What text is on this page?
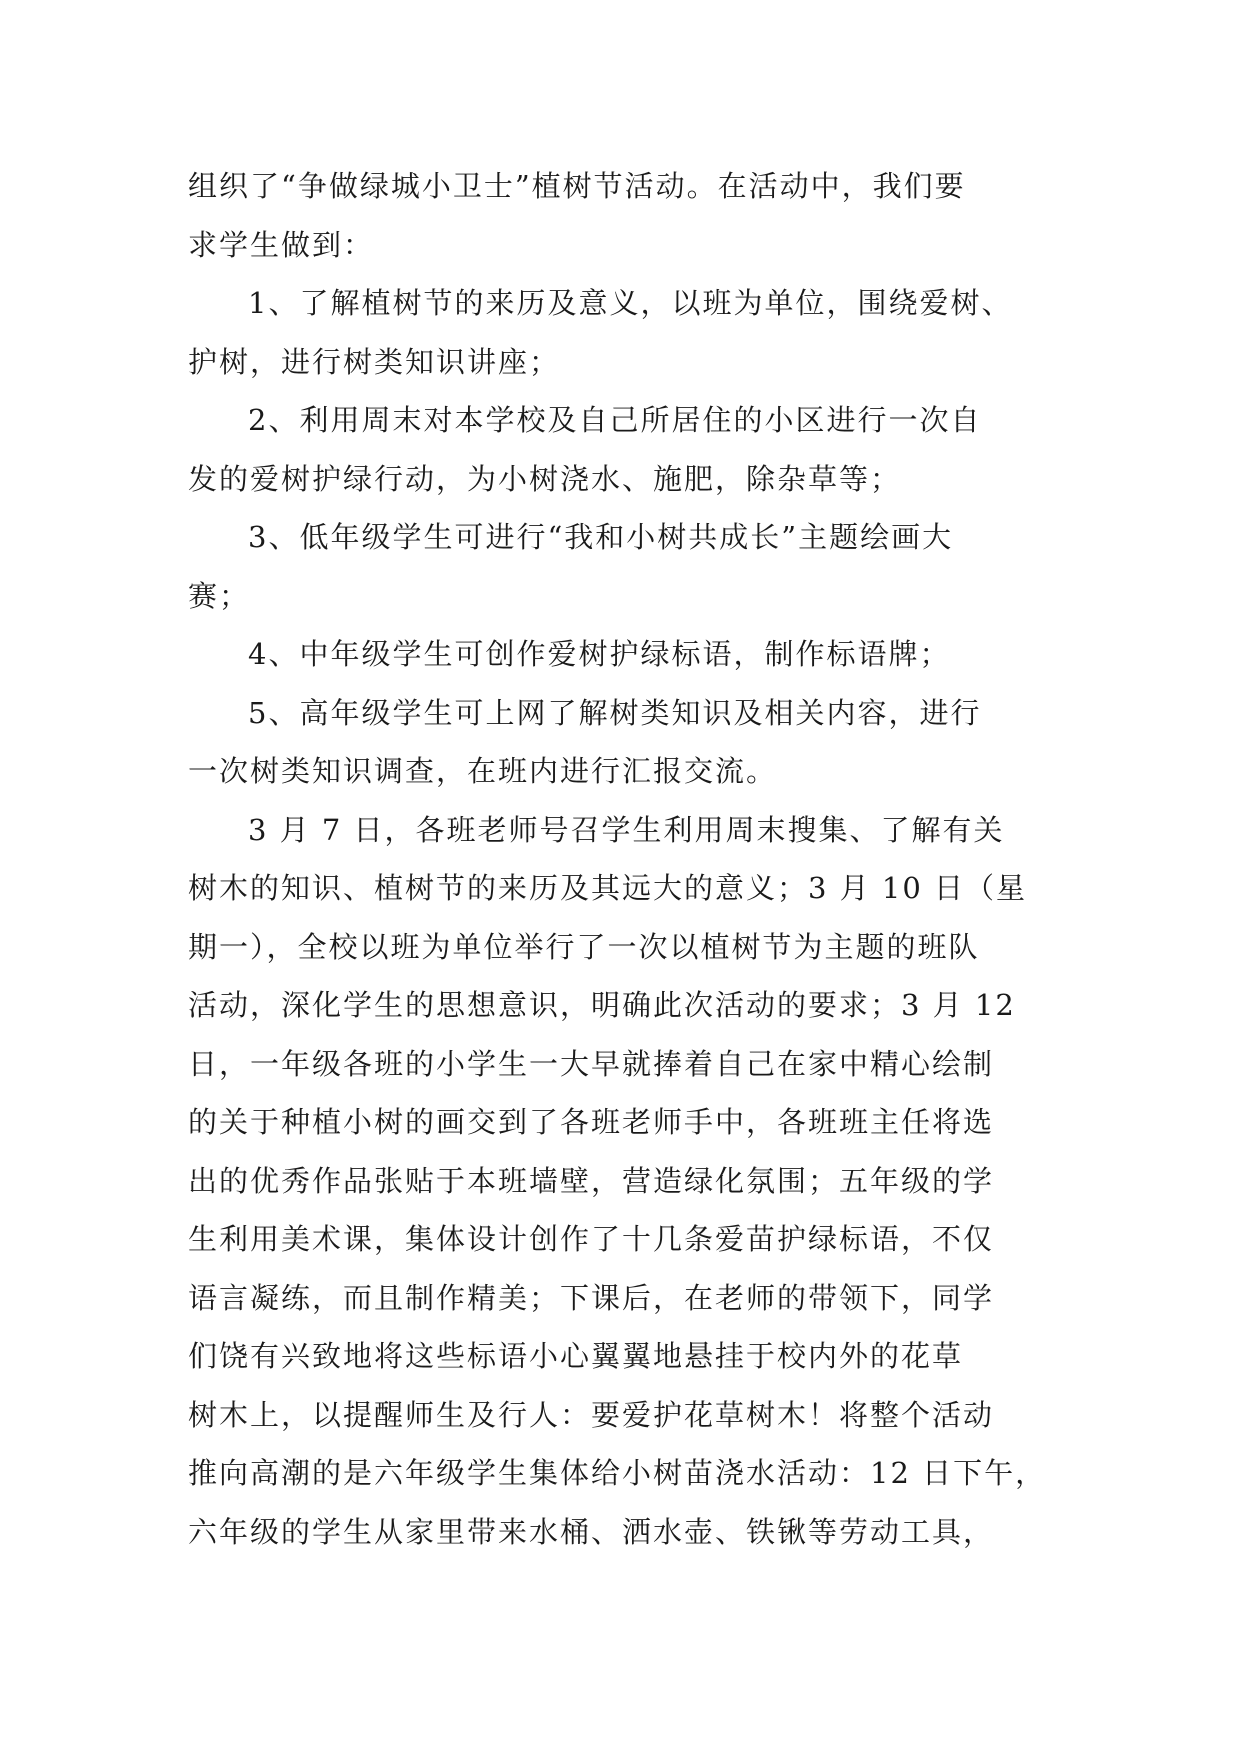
组织了“争做绿城小卫士”植树节活动。在活动中，我们要
求学生做到：
1、了解植树节的来历及意义，以班为单位，围绕爱树、
护树，进行树类知识讲座；
2、利用周末对本学校及自己所居住的小区进行一次自
发的爱树护绿行动，为小树浇水、施肥，除杂草等；
3、低年级学生可进行“我和小树共成长”主题绘画大
赛；
4、中年级学生可创作爱树护绿标语，制作标语牌；
5、高年级学生可上网了解树类知识及相关内容，进行
一次树类知识调查，在班内进行汇报交流。
3 月 7 日，各班老师号召学生利用周末搜集、了解有关
树木的知识、植树节的来历及其远大的意义；3 月 10 日（星
期一），全校以班为单位举行了一次以植树节为主题的班队
活动，深化学生的思想意识，明确此次活动的要求；3 月 12
日，一年级各班的小学生一大早就捧着自己在家中精心绘制
的关于种植小树的画交到了各班老师手中，各班班主任将选
出的优秀作品张贴于本班墙壁，营造绿化氛围；五年级的学
生利用美术课，集体设计创作了十几条爱苗护绿标语，不仅
语言凝练，而且制作精美；下课后，在老师的带领下，同学
们饶有兴致地将这些标语小心翼翼地悬挂于校内外的花草
树木上，以提醒师生及行人：要爱护花草树木！将整个活动
推向高潮的是六年级学生集体给小树苗浇水活动：12 日下午，
六年级的学生从家里带来水桶、洒水壶、铁锹等劳动工具，
